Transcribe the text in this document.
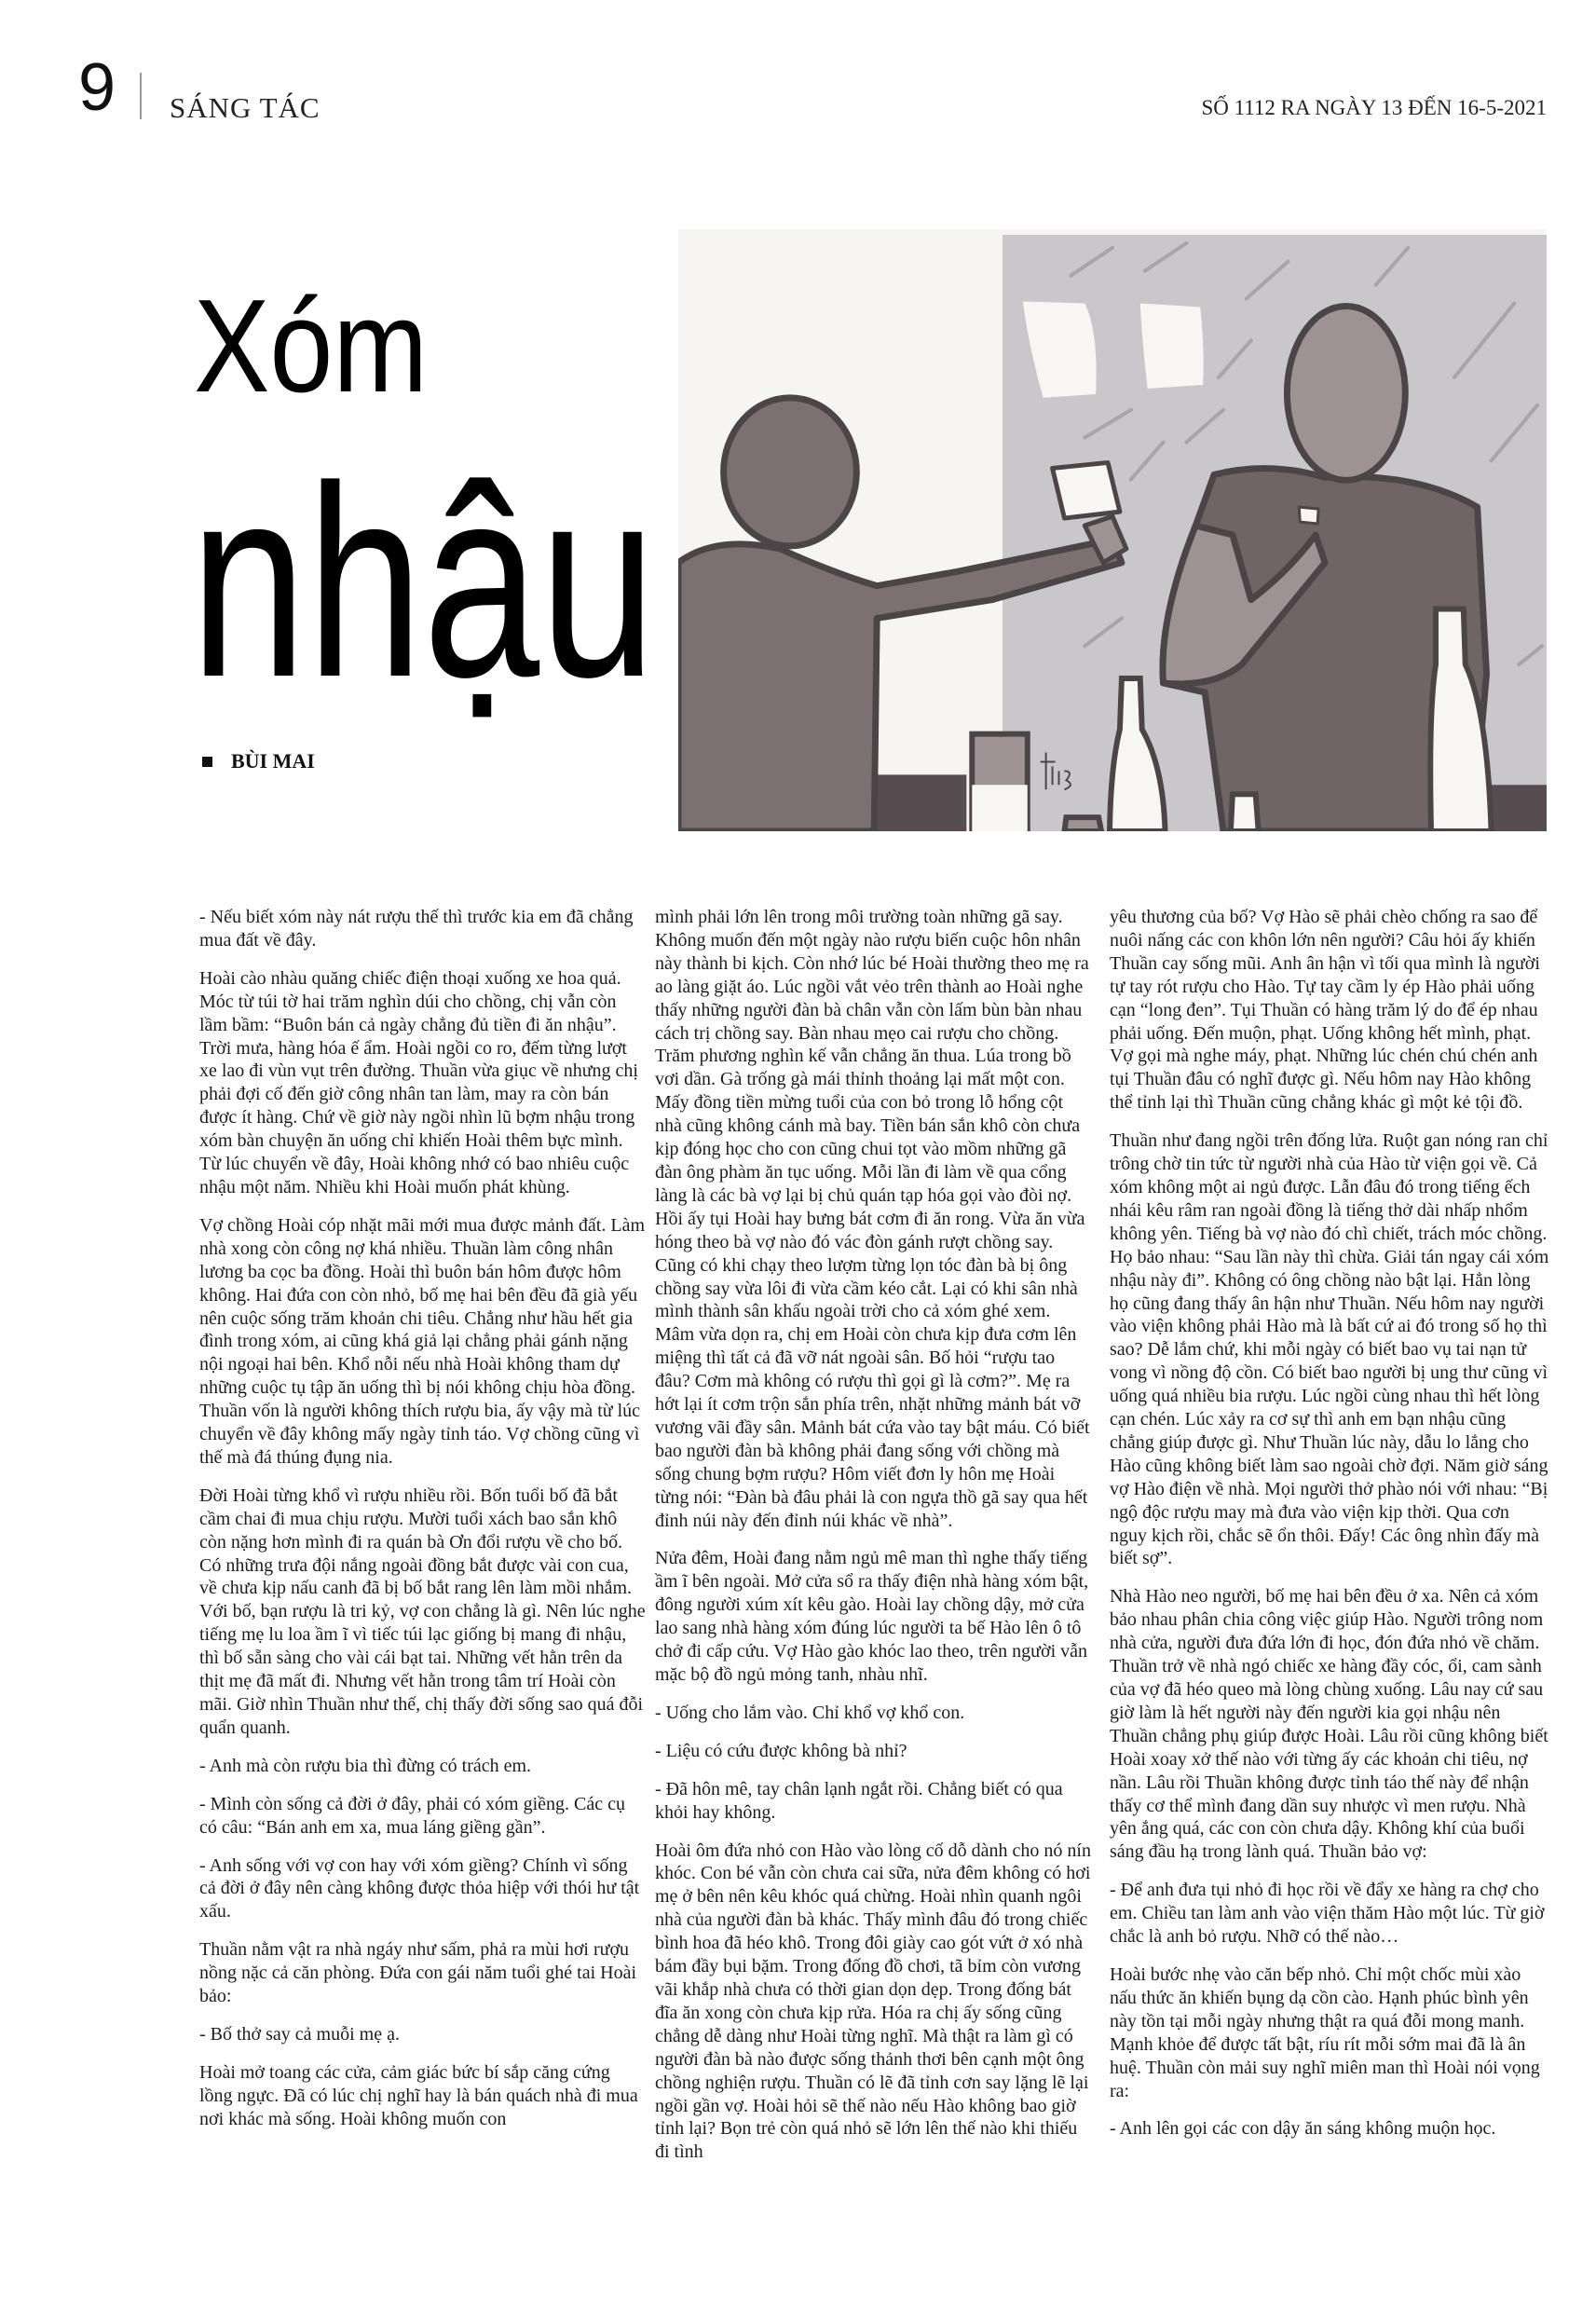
9 SÁNG TÁC	SỐ 1112 RA NGÀY 13 ĐẾN 16-5-2021
Xóm
nhậu
BÙI MAI

- Nếu biết xóm này nát rượu thế thì trước kia em đã chẳng mua đất về đây.

Hoài cào nhàu quăng chiếc điện thoại xuống xe hoa quả. Móc từ túi tờ hai trăm nghìn dúi cho chồng, chị vẫn còn lầm bầm: “Buôn bán cả ngày chẳng đủ tiền đi ăn nhậu”. Trời mưa, hàng hóa ế ẩm. Hoài ngồi co ro, đếm từng lượt xe lao đi vùn vụt trên đường. Thuần vừa giục về nhưng chị phải đợi cố đến giờ công nhân tan làm, may ra còn bán được ít hàng. Chứ về giờ này ngồi nhìn lũ bợm nhậu trong xóm bàn chuyện ăn uống chỉ khiến Hoài thêm bực mình. Từ lúc chuyển về đây, Hoài không nhớ có bao nhiêu cuộc nhậu một năm. Nhiều khi Hoài muốn phát khùng.

Vợ chồng Hoài cóp nhặt mãi mới mua được mảnh đất. Làm nhà xong còn công nợ khá nhiều. Thuần làm công nhân lương ba cọc ba đồng. Hoài thì buôn bán hôm được hôm không. Hai đứa con còn nhỏ, bố mẹ hai bên đều đã già yếu nên cuộc sống trăm khoản chi tiêu. Chẳng như hầu hết gia đình trong xóm, ai cũng khá giả lại chẳng phải gánh nặng nội ngoại hai bên. Khổ nỗi nếu nhà Hoài không tham dự những cuộc tụ tập ăn uống thì bị nói không chịu hòa đồng. Thuần vốn là người không thích rượu bia, ấy vậy mà từ lúc chuyển về đây không mấy ngày tỉnh táo. Vợ chồng cũng vì thế mà đá thúng đụng nia.

Đời Hoài từng khổ vì rượu nhiều rồi. Bốn tuổi bố đã bắt cầm chai đi mua chịu rượu. Mười tuổi xách bao sắn khô còn nặng hơn mình đi ra quán bà Ơn đổi rượu về cho bố. Có những trưa đội nắng ngoài đồng bắt được vài con cua, về chưa kịp nấu canh đã bị bố bắt rang lên làm mồi nhắm. Với bố, bạn rượu là tri kỷ, vợ con chẳng là gì. Nên lúc nghe tiếng mẹ lu loa ầm ĩ vì tiếc túi lạc giống bị mang đi nhậu, thì bố sẵn sàng cho vài cái bạt tai. Những vết hằn trên da thịt mẹ đã mất đi. Nhưng vết hằn trong tâm trí Hoài còn mãi. Giờ nhìn Thuần như thế, chị thấy đời sống sao quá đỗi quẩn quanh.

- Anh mà còn rượu bia thì đừng có trách em.

- Mình còn sống cả đời ở đây, phải có xóm giềng. Các cụ có câu: “Bán anh em xa, mua láng giềng gần”.

- Anh sống với vợ con hay với xóm giềng? Chính vì sống cả đời ở đây nên càng không được thỏa hiệp với thói hư tật xấu.

Thuần nằm vật ra nhà ngáy như sấm, phả ra mùi hơi rượu nồng nặc cả căn phòng. Đứa con gái năm tuổi ghé tai Hoài bảo:

- Bố thở say cả muỗi mẹ ạ.

Hoài mở toang các cửa, cảm giác bức bí sắp căng cứng lồng ngực. Đã có lúc chị nghĩ hay là bán quách nhà đi mua nơi khác mà sống. Hoài không muốn con

mình phải lớn lên trong môi trường toàn những gã say. Không muốn đến một ngày nào rượu biến cuộc hôn nhân này thành bi kịch. Còn nhớ lúc bé Hoài thường theo mẹ ra ao làng giặt áo. Lúc ngồi vắt vẻo trên thành ao Hoài nghe thấy những người đàn bà chân vẫn còn lấm bùn bàn nhau cách trị chồng say. Bàn nhau mẹo cai rượu cho chồng. Trăm phương nghìn kế vẫn chẳng ăn thua. Lúa trong bồ vơi dần. Gà trống gà mái thỉnh thoảng lại mất một con. Mấy đồng tiền mừng tuổi của con bỏ trong lỗ hổng cột nhà cũng không cánh mà bay. Tiền bán sắn khô còn chưa kịp đóng học cho con cũng chui tọt vào mồm những gã đàn ông phàm ăn tục uống. Mỗi lần đi làm về qua cổng làng là các bà vợ lại bị chủ quán tạp hóa gọi vào đòi nợ. Hồi ấy tụi Hoài hay bưng bát cơm đi ăn rong. Vừa ăn vừa hóng theo bà vợ nào đó vác đòn gánh rượt chồng say. Cũng có khi chạy theo lượm từng lọn tóc đàn bà bị ông chồng say vừa lôi đi vừa cầm kéo cắt. Lại có khi sân nhà mình thành sân khấu ngoài trời cho cả xóm ghé xem. Mâm vừa dọn ra, chị em Hoài còn chưa kịp đưa cơm lên miệng thì tất cả đã vỡ nát ngoài sân. Bố hỏi “rượu tao đâu? Cơm mà không có rượu thì gọi gì là cơm?”. Mẹ ra hớt lại ít cơm trộn sắn phía trên, nhặt những mảnh bát vỡ vương vãi đầy sân. Mảnh bát cứa vào tay bật máu. Có biết bao người đàn bà không phải đang sống với chồng mà sống chung bợm rượu? Hôm viết đơn ly hôn mẹ Hoài từng nói: “Đàn bà đâu phải là con ngựa thồ gã say qua hết đỉnh núi này đến đỉnh núi khác về nhà”.

Nửa đêm, Hoài đang nằm ngủ mê man thì nghe thấy tiếng ầm ĩ bên ngoài. Mở cửa sổ ra thấy điện nhà hàng xóm bật, đông người xúm xít kêu gào. Hoài lay chồng dậy, mở cửa lao sang nhà hàng xóm đúng lúc người ta bế Hào lên ô tô chở đi cấp cứu. Vợ Hào gào khóc lao theo, trên người vẫn mặc bộ đồ ngủ mỏng tanh, nhàu nhĩ.

- Uống cho lắm vào. Chỉ khổ vợ khổ con.

- Liệu có cứu được không bà nhỉ?

- Đã hôn mê, tay chân lạnh ngắt rồi. Chẳng biết có qua khỏi hay không.

Hoài ôm đứa nhỏ con Hào vào lòng cố dỗ dành cho nó nín khóc. Con bé vẫn còn chưa cai sữa, nửa đêm không có hơi mẹ ở bên nên kêu khóc quá chừng. Hoài nhìn quanh ngôi nhà của người đàn bà khác. Thấy mình đâu đó trong chiếc bình hoa đã héo khô. Trong đôi giày cao gót vứt ở xó nhà bám đầy bụi bặm. Trong đống đồ chơi, tã bỉm còn vương vãi khắp nhà chưa có thời gian dọn dẹp. Trong đống bát đĩa ăn xong còn chưa kịp rửa. Hóa ra chị ấy sống cũng chẳng dễ dàng như Hoài từng nghĩ. Mà thật ra làm gì có người đàn bà nào được sống thảnh thơi bên cạnh một ông chồng nghiện rượu. Thuần có lẽ đã tỉnh cơn say lặng lẽ lại ngồi gần vợ. Hoài hỏi sẽ thế nào nếu Hào không bao giờ tỉnh lại? Bọn trẻ còn quá nhỏ sẽ lớn lên thế nào khi thiếu đi tình

yêu thương của bố? Vợ Hào sẽ phải chèo chống ra sao để nuôi nấng các con khôn lớn nên người? Câu hỏi ấy khiến Thuần cay sống mũi. Anh ân hận vì tối qua mình là người tự tay rót rượu cho Hào. Tự tay cầm ly ép Hào phải uống cạn “long đen”. Tụi Thuần có hàng trăm lý do để ép nhau phải uống. Đến muộn, phạt. Uống không hết mình, phạt. Vợ gọi mà nghe máy, phạt. Những lúc chén chú chén anh tụi Thuần đâu có nghĩ được gì. Nếu hôm nay Hào không thể tỉnh lại thì Thuần cũng chẳng khác gì một kẻ tội đồ.

Thuần như đang ngồi trên đống lửa. Ruột gan nóng ran chỉ trông chờ tin tức từ người nhà của Hào từ viện gọi về. Cả xóm không một ai ngủ được. Lẫn đâu đó trong tiếng ếch nhái kêu râm ran ngoài đồng là tiếng thở dài nhấp nhổm không yên. Tiếng bà vợ nào đó chì chiết, trách móc chồng. Họ bảo nhau: “Sau lần này thì chừa. Giải tán ngay cái xóm nhậu này đi”. Không có ông chồng nào bật lại. Hẳn lòng họ cũng đang thấy ân hận như Thuần. Nếu hôm nay người vào viện không phải Hào mà là bất cứ ai đó trong số họ thì sao? Dễ lắm chứ, khi mỗi ngày có biết bao vụ tai nạn tử vong vì nồng độ cồn. Có biết bao người bị ung thư cũng vì uống quá nhiều bia rượu. Lúc ngồi cùng nhau thì hết lòng cạn chén. Lúc xảy ra cơ sự thì anh em bạn nhậu cũng chẳng giúp được gì. Như Thuần lúc này, dẫu lo lắng cho Hào cũng không biết làm sao ngoài chờ đợi. Năm giờ sáng vợ Hào điện về nhà. Mọi người thở phào nói với nhau: “Bị ngộ độc rượu may mà đưa vào viện kịp thời. Qua cơn nguy kịch rồi, chắc sẽ ổn thôi. Đấy! Các ông nhìn đấy mà biết sợ”.

Nhà Hào neo người, bố mẹ hai bên đều ở xa. Nên cả xóm bảo nhau phân chia công việc giúp Hào. Người trông nom nhà cửa, người đưa đứa lớn đi học, đón đứa nhỏ về chăm. Thuần trở về nhà ngó chiếc xe hàng đầy cóc, ổi, cam sành của vợ đã héo queo mà lòng chùng xuống. Lâu nay cứ sau giờ làm là hết người này đến người kia gọi nhậu nên Thuần chẳng phụ giúp được Hoài. Lâu rồi cũng không biết Hoài xoay xở thế nào với từng ấy các khoản chi tiêu, nợ nần. Lâu rồi Thuần không được tỉnh táo thế này để nhận thấy cơ thể mình đang dần suy nhược vì men rượu. Nhà yên ắng quá, các con còn chưa dậy. Không khí của buổi sáng đầu hạ trong lành quá. Thuần bảo vợ:

- Để anh đưa tụi nhỏ đi học rồi về đẩy xe hàng ra chợ cho em. Chiều tan làm anh vào viện thăm Hào một lúc. Từ giờ chắc là anh bỏ rượu. Nhỡ có thế nào…

Hoài bước nhẹ vào căn bếp nhỏ. Chỉ một chốc mùi xào nấu thức ăn khiến bụng dạ cồn cào. Hạnh phúc bình yên này tồn tại mỗi ngày nhưng thật ra quá đỗi mong manh. Mạnh khỏe để được tất bật, ríu rít mỗi sớm mai đã là ân huệ. Thuần còn mải suy nghĩ miên man thì Hoài nói vọng ra:

- Anh lên gọi các con dậy ăn sáng không muộn học.
